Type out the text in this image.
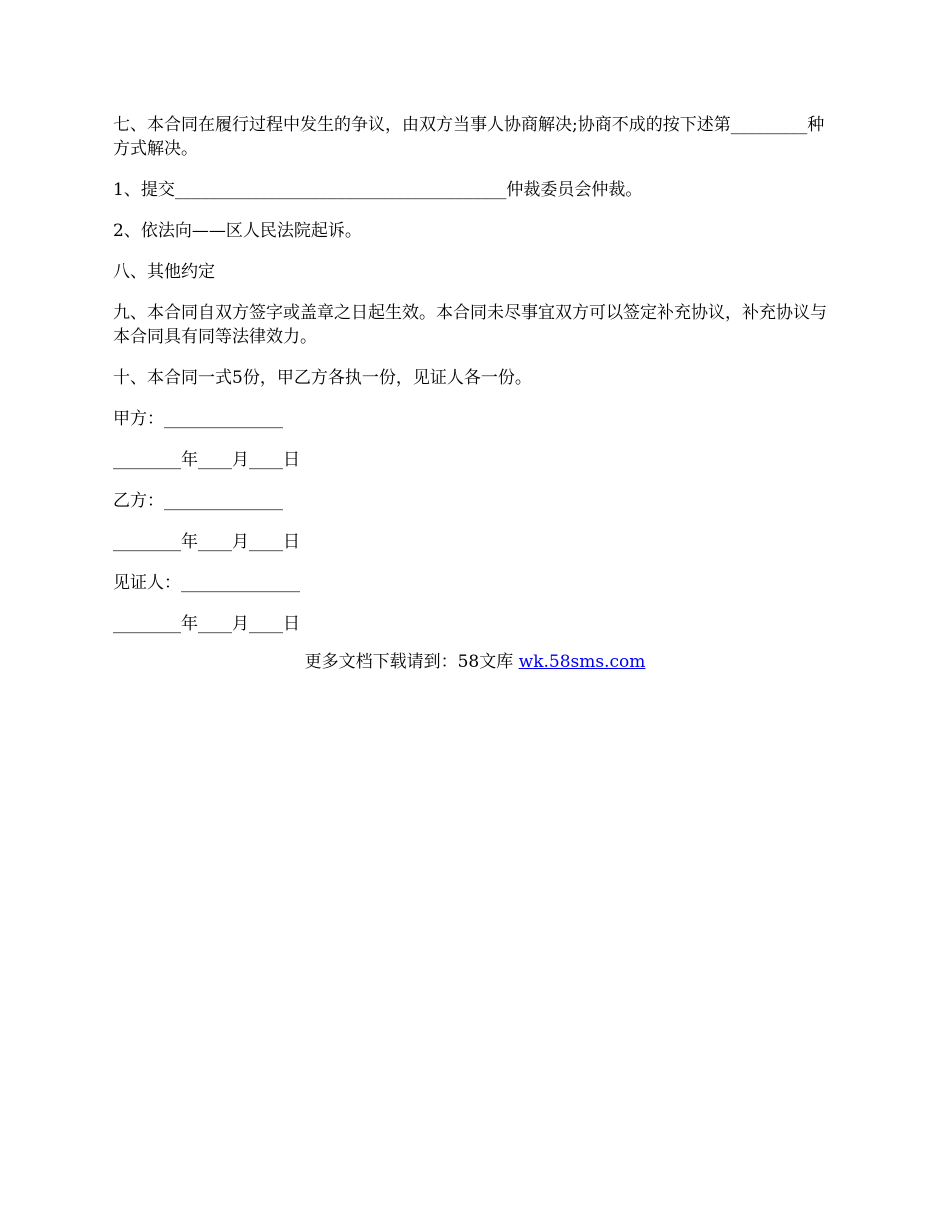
七、本合同在履行过程中发生的争议，由双方当事人协商解决;协商不成的按下述第_________种方式解决。

1、提交_______________________________________仲裁委员会仲裁。

2、依法向——区人民法院起诉。

八、其他约定

九、本合同自双方签字或盖章之日起生效。本合同未尽事宜双方可以签定补充协议，补充协议与本合同具有同等法律效力。

十、本合同一式5份，甲乙方各执一份，见证人各一份。

甲方：______________

________年____月____日

乙方：______________

________年____月____日

见证人：______________

________年____月____日

更多文档下载请到：58文库 wk.58sms.com
